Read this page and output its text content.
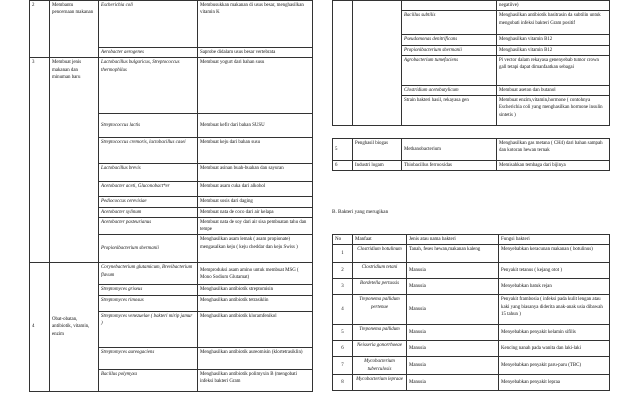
2	Membantu pencernaan makanan	Escherichia coli	Membusukkan makanan di usus besar, menghasilkan vitamin K
		Aerobacter aerogenes	Saprobe didalam usus besar vertebrata
3	Membuat jenis makanan dan minuman baru	Lactobacillus bulgaricus, Streptococcus thermophilus	Membuat yogurt dari bahan susu
		Streptococcus lactis	Membuat kefir dari bahan SUSU
		Streptococcus cremoris, lactobacillus casei	Membuat keju dari bahan susu
		Lactobacillus brevis	Membuat asinan buah-buahan dan sayuran
		Acetobacter aceti, Gluconobact*er	Membuat asam cuka dari alkohol
		Pediococcus cerevisiae	Membuat sosis dari daging
		Acetobacter xylinum	Membuat nata de coco dari air kelapa
		Acetobacter pasteurianus	Membuat nata de soy dari air sisa pembuatan tahu dan tempe
		Propionibacterium shermanii	Menghasilkan asam lemak ( asam propionate) mengasalkan keju ( keju cheddar dan keju Swiss )
4	Obat-obatan, antibiotik, vitamin, enzim	Corynebacterium glutamicum, Brevibacterium flavum	Memproduksi asam amino untuk membuat MSG ( Mono Sodium Glutamat)
		Streptomyces griseus	Menghasilkan antibiotik streptomisin
		Streptomyces rimosus	Menghasilkan antibiotik tetrasiklin
		Streptomyces venezuelae ( bakteri mirip jamur )	Menghasilkan antibiotik kloramfenikol
		Streptomyces aureogaciens	Menghasilkan antibiotik aureomisin (klortetrasiklin)
		Bacillus polymyxa	Menghasilkan antibiotik polimyxin B (mengobati infeksi bakteri Gram
			negatiive)
		Bacillus subtilis	Menghasilkan antibiotik basitrasin da subtilin untuk mengobati infeksi bakteri Gram positif
		Pseudomonas denitrificans	Menghasilkan vitamin B12
		Propionibacterium shermanii	Menghasilkan vitamin B12
		Agrobacterium tumefaciens	Pi vector dalam rekayasa genenyebab tumor crown gall tetapi dapat dimanfaatkan sebagai
		Clostridium acetobutylicum	Membuat aseton dan butanol
		Strain bakteri hasil, rekayasa gen	Membuat enzim,vitamin,hormone ( contohnya Escherichia coli yang menghasilkan hormone insulin sintetis )
5	Penghasil biogas	Methanobacterium	Menghasilkan gas metana ( CH4) dari bahan sampah dan kotoran hewan ternak
6	Industri logam	Thiobacillus ferrooxidas	Memisahkan tembaga dari bijinya
B. Bakteri yang merugikan
No	Manfaat	Jenis atau nama bakteri	Fungsi bakteri
1	Clostridium botulinum	Tanah, feses hewan,makanan kaleng	Menyebabkan keracunan makanan ( botulinus)
2	Clostridium tetani	Manusia	Penyakit tetanus ( kejang otot )
3	Bordetella pertussis	Manusia	Menyebabkan batuk rejan
4	Treponema pallidum pertenue	Manusia	Penyakit frambosia ( infeksi pada kulit lengan atau kaki yang biasanya diderita anak-anak usia dibawah 15 tahun )
5	Treponema pallidum	Manusia	Menyebabkan penyakit kelamin sifilis
6	Neisseria gonorrhoeae	Manusia	Kencing nanah pada wanita dan laki-laki
7	Mycobacterium tuberculosis	Manusia	Menyebabkan penyakit paru-paru (TBC)
8	Mycobacterium lepraae	Manusia	Menyebabkan penyakit lepraa
